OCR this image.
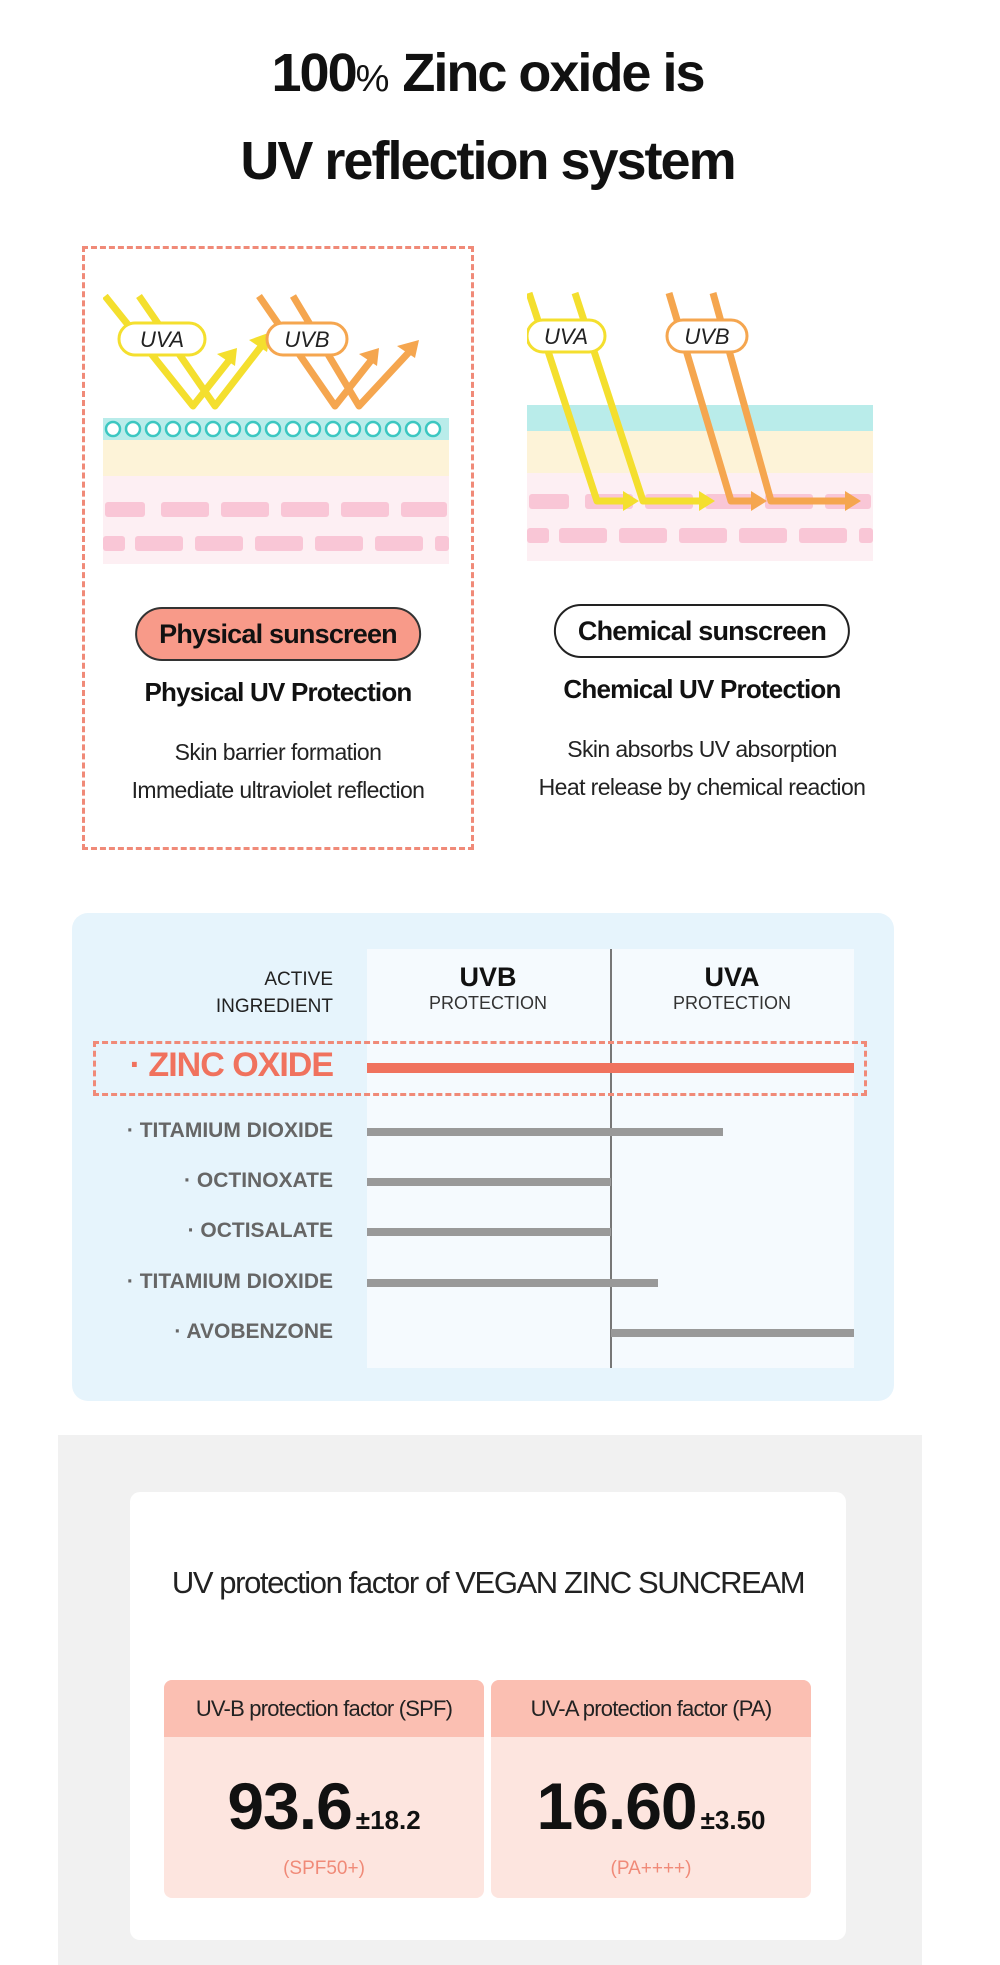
100% Zinc oxide is
UV reflection system
UVA	UVB
Physical sunscreen
Physical UV Protection
Skin barrier formation
Immediate ultraviolet reflection
UVA	UVB
Chemical sunscreen
Chemical UV Protection
Skin absorbs UV absorption
Heat release by chemical reaction
ACTIVE
INGREDIENT
UVB
PROTECTION
UVA
PROTECTION
· ZINC OXIDE
· TITAMIUM DIOXIDE
· OCTINOXATE
· OCTISALATE
· TITAMIUM DIOXIDE
· AVOBENZONE
UV protection factor of VEGAN ZINC SUNCREAM
UV-B protection factor (SPF)
93.6 ±18.2
(SPF50+)
UV-A protection factor (PA)
16.60 ±3.50
(PA++++)
